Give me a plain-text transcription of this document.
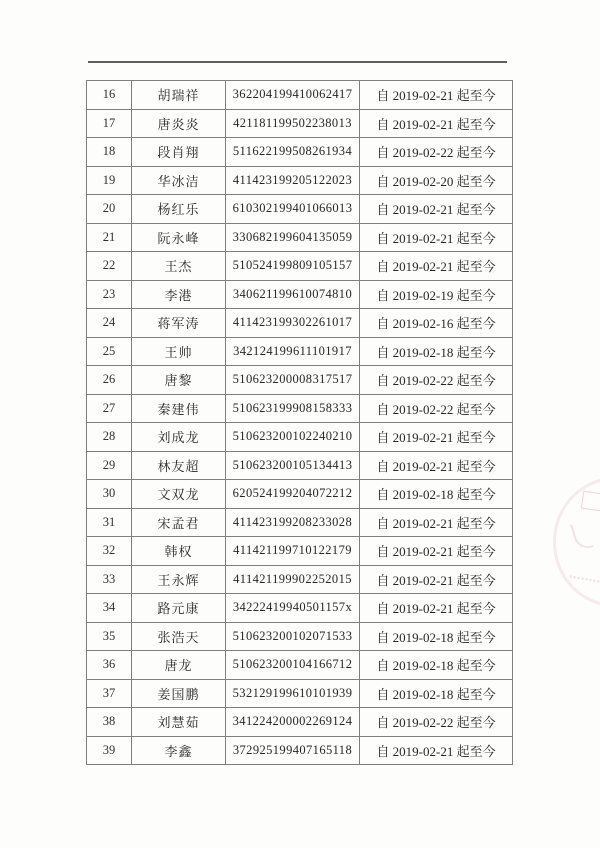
16	胡瑞祥	362204199410062417	自 2019-02-21 起至今
17	唐炎炎	421181199502238013	自 2019-02-21 起至今
18	段肖翔	511622199508261934	自 2019-02-22 起至今
19	华冰洁	411423199205122023	自 2019-02-20 起至今
20	杨红乐	610302199401066013	自 2019-02-21 起至今
21	阮永峰	330682199604135059	自 2019-02-21 起至今
22	王杰	510524199809105157	自 2019-02-21 起至今
23	李港	340621199610074810	自 2019-02-19 起至今
24	蒋军涛	411423199302261017	自 2019-02-16 起至今
25	王帅	342124199611101917	自 2019-02-18 起至今
26	唐黎	510623200008317517	自 2019-02-22 起至今
27	秦建伟	510623199908158333	自 2019-02-22 起至今
28	刘成龙	510623200102240210	自 2019-02-21 起至今
29	林友超	510623200105134413	自 2019-02-21 起至今
30	文双龙	620524199204072212	自 2019-02-18 起至今
31	宋孟君	411423199208233028	自 2019-02-21 起至今
32	韩权	411421199710122179	自 2019-02-21 起至今
33	王永辉	411421199902252015	自 2019-02-21 起至今
34	路元康	34222419940501157x	自 2019-02-21 起至今
35	张浩天	510623200102071533	自 2019-02-18 起至今
36	唐龙	510623200104166712	自 2019-02-18 起至今
37	姜国鹏	532129199610101939	自 2019-02-18 起至今
38	刘慧茹	341224200002269124	自 2019-02-22 起至今
39	李鑫	372925199407165118	自 2019-02-21 起至今
